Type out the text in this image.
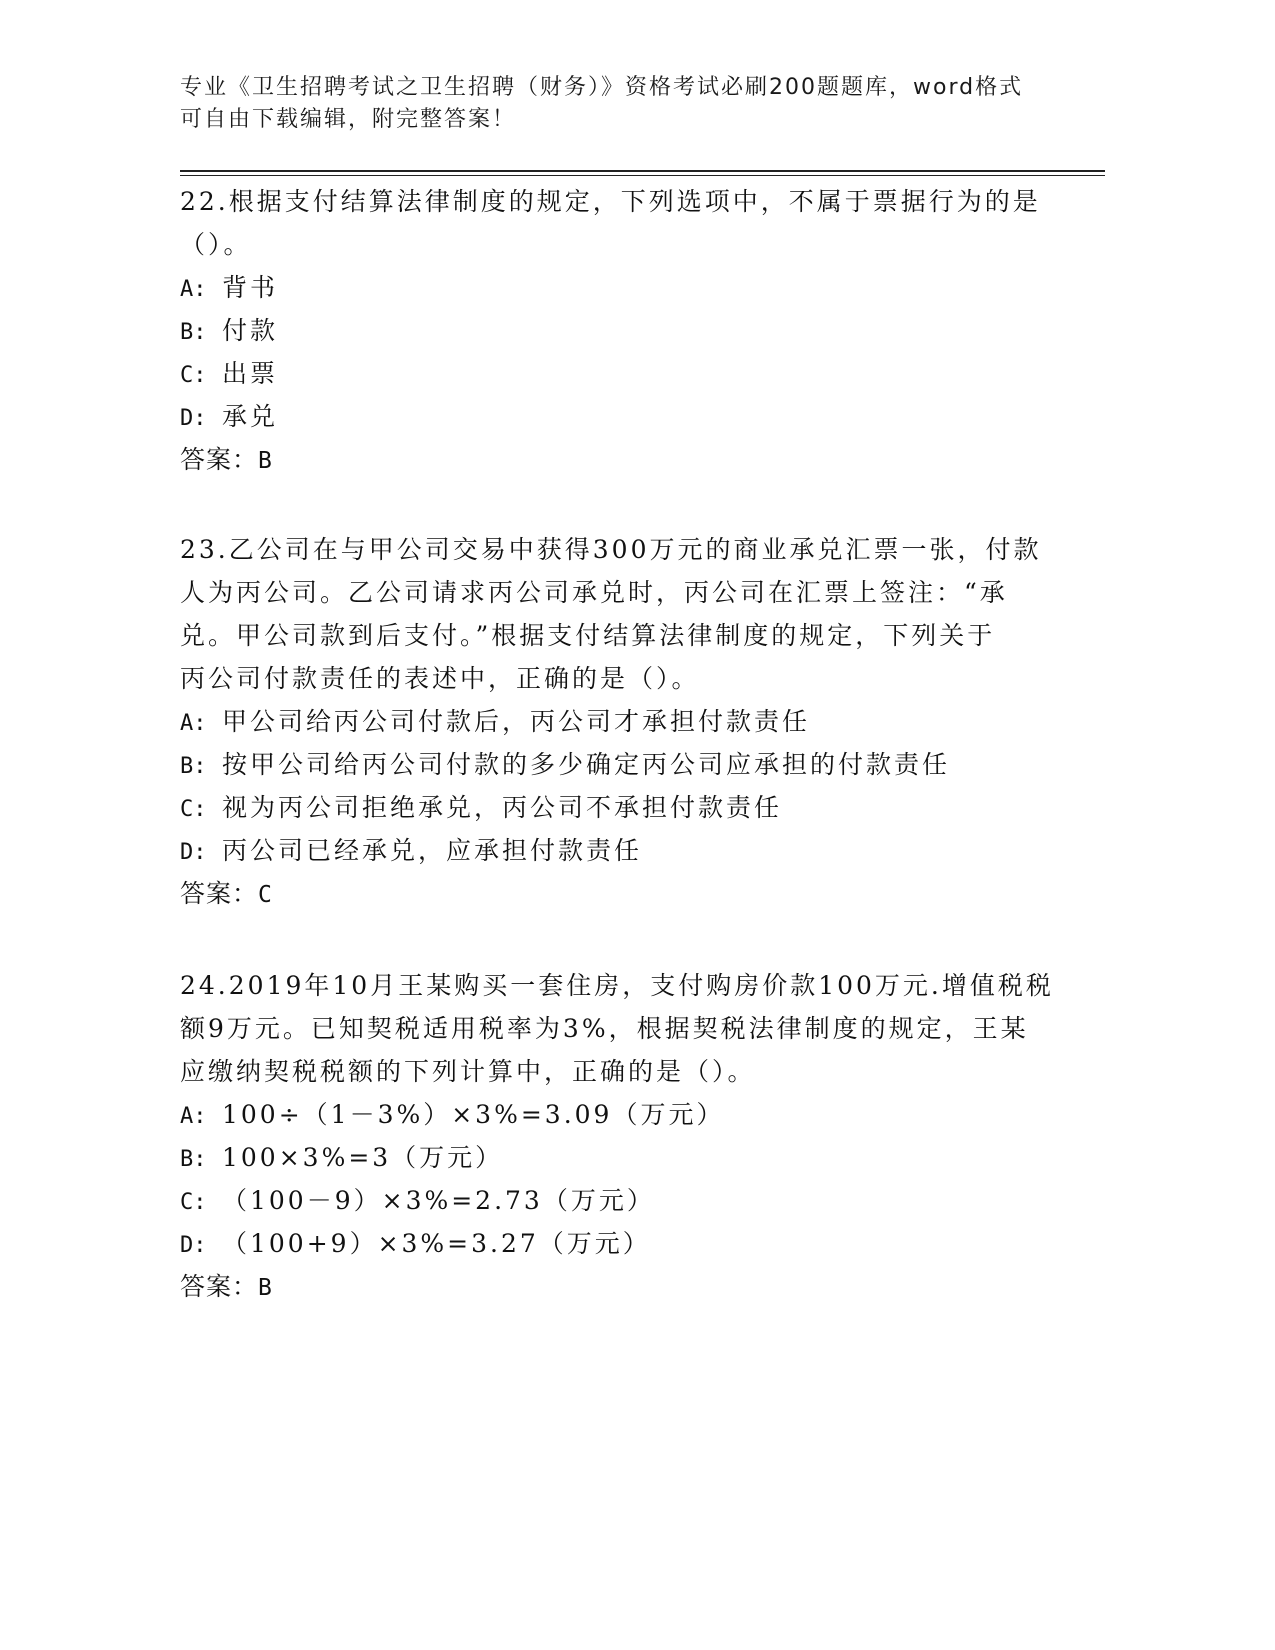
专业《卫生招聘考试之卫生招聘（财务）》资格考试必刷200题题库，word格式
可自由下载编辑，附完整答案！
22.根据支付结算法律制度的规定，下列选项中，不属于票据行为的是
（）。
A: 背书
B: 付款
C: 出票
D: 承兑
答案：B
23.乙公司在与甲公司交易中获得300万元的商业承兑汇票一张，付款
人为丙公司。乙公司请求丙公司承兑时，丙公司在汇票上签注：“承
兑。甲公司款到后支付。”根据支付结算法律制度的规定，下列关于
丙公司付款责任的表述中，正确的是（）。
A: 甲公司给丙公司付款后，丙公司才承担付款责任
B: 按甲公司给丙公司付款的多少确定丙公司应承担的付款责任
C: 视为丙公司拒绝承兑，丙公司不承担付款责任
D: 丙公司已经承兑，应承担付款责任
答案：C
24.2019年10月王某购买一套住房，支付购房价款100万元.增值税税
额9万元。已知契税适用税率为3%，根据契税法律制度的规定，王某
应缴纳契税税额的下列计算中，正确的是（）。
A: 100÷（1－3%）×3%=3.09（万元）
B: 100×3%=3（万元）
C: （100－9）×3%=2.73（万元）
D: （100+9）×3%=3.27（万元）
答案：B
